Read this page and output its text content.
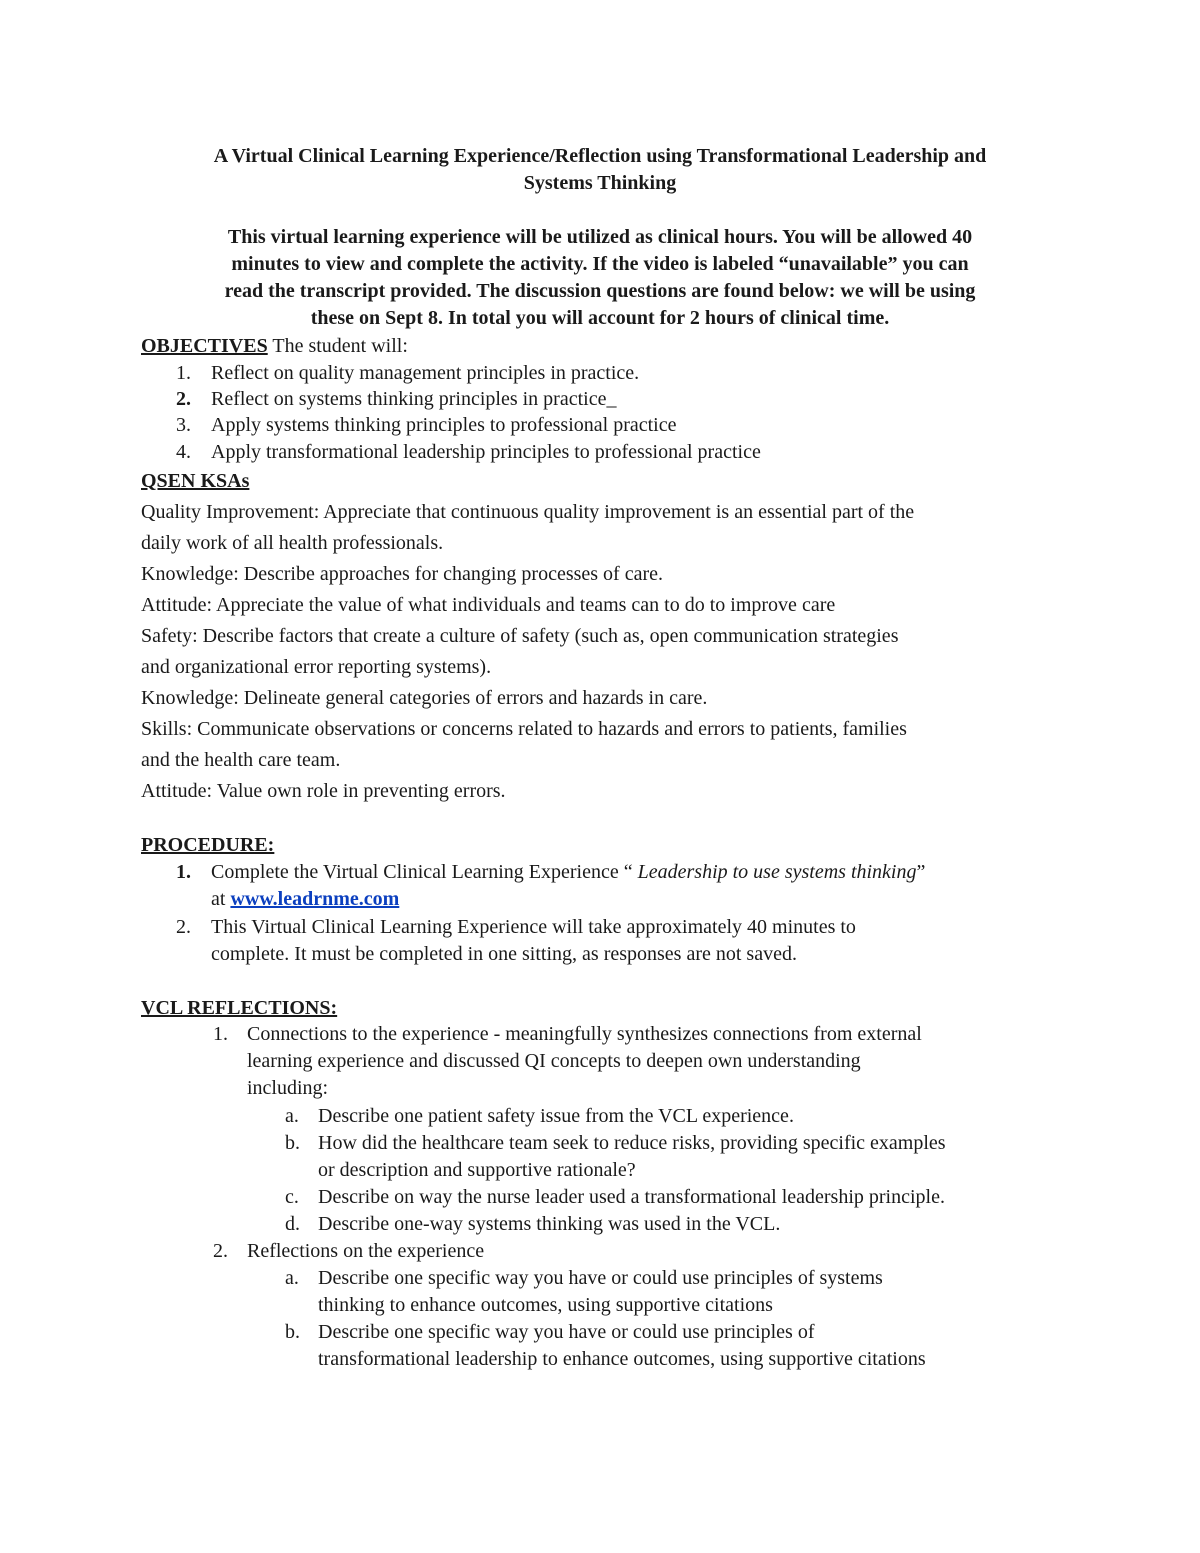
A Virtual Clinical Learning Experience/Reflection using Transformational Leadership and
Systems Thinking
This virtual learning experience will be utilized as clinical hours. You will be allowed 40
minutes to view and complete the activity. If the video is labeled “unavailable” you can
read the transcript provided. The discussion questions are found below: we will be using
these on Sept 8. In total you will account for 2 hours of clinical time.
OBJECTIVES The student will:
1. Reflect on quality management principles in practice.
2. Reflect on systems thinking principles in practice_
3. Apply systems thinking principles to professional practice
4. Apply transformational leadership principles to professional practice
QSEN KSAs
Quality Improvement: Appreciate that continuous quality improvement is an essential part of the
daily work of all health professionals.
Knowledge: Describe approaches for changing processes of care.
Attitude: Appreciate the value of what individuals and teams can to do to improve care
Safety: Describe factors that create a culture of safety (such as, open communication strategies
and organizational error reporting systems).
Knowledge: Delineate general categories of errors and hazards in care.
Skills: Communicate observations or concerns related to hazards and errors to patients, families
and the health care team.
Attitude: Value own role in preventing errors.
PROCEDURE:
1. Complete the Virtual Clinical Learning Experience “ Leadership to use systems thinking”
at www.leadrnme.com
2. This Virtual Clinical Learning Experience will take approximately 40 minutes to
complete. It must be completed in one sitting, as responses are not saved.
VCL REFLECTIONS:
1. Connections to the experience - meaningfully synthesizes connections from external
learning experience and discussed QI concepts to deepen own understanding
including:
a. Describe one patient safety issue from the VCL experience.
b. How did the healthcare team seek to reduce risks, providing specific examples
or description and supportive rationale?
c. Describe on way the nurse leader used a transformational leadership principle.
d. Describe one-way systems thinking was used in the VCL.
2. Reflections on the experience
a. Describe one specific way you have or could use principles of systems
thinking to enhance outcomes, using supportive citations
b. Describe one specific way you have or could use principles of
transformational leadership to enhance outcomes, using supportive citations
